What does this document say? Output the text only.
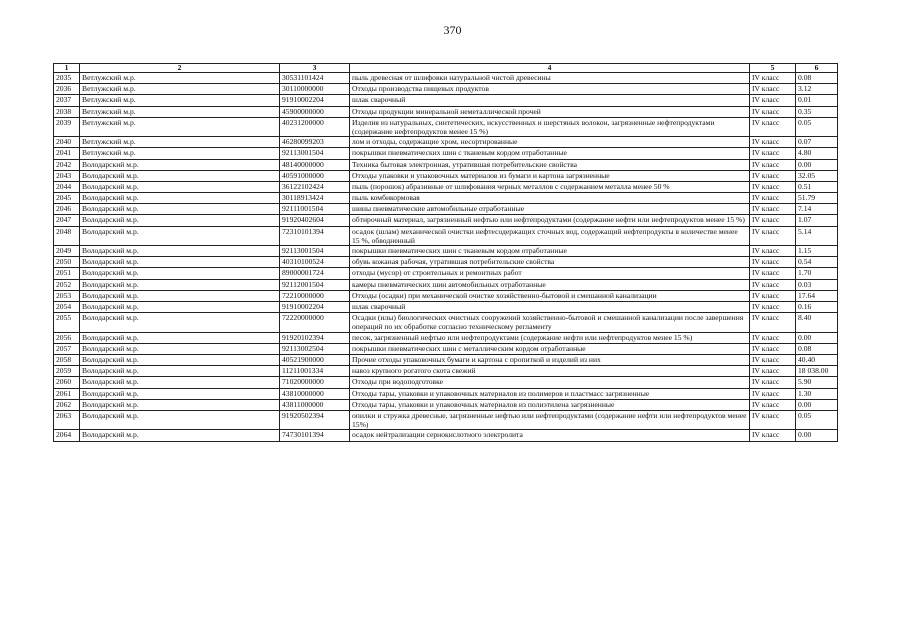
370
1	2	3	4	5	6
2035	Ветлужский м.р.	30531101424	пыль древесная от шлифовки натуральной чистой древесины	IV класс	0.08
2036	Ветлужский м.р.	30110000000	Отходы производства пищевых продуктов	IV класс	3.12
2037	Ветлужский м.р.	91910002204	шлак сварочный	IV класс	0.01
2038	Ветлужский м.р.	45900000000	Отходы продукции минеральной неметаллической прочей	IV класс	0.35
2039	Ветлужский м.р.	40231200000	Изделия из натуральных, синтетических, искусственных и шерстяных волокон, загрязненные нефтепродуктами (содержание нефтепродуктов менее 15 %)	IV класс	0.05
2040	Ветлужский м.р.	46280099203	лом и отходы, содержащие хром, несортированные	IV класс	0.07
2041	Ветлужский м.р.	92113001504	покрышки пневматических шин с тканевым кордом отработанные	IV класс	4.80
2042	Володарский м.р.	48140000000	Техника бытовая электронная, утратившая потребительские свойства	IV класс	0.00
2043	Володарский м.р.	40591000000	Отходы упаковки и упаковочных материалов из бумаги и картона загрязненные	IV класс	32.05
2044	Володарский м.р.	36122102424	пыль (порошок) абразивные от шлифования черных металлов с содержанием металла менее 50 %	IV класс	0.51
2045	Володарский м.р.	30118913424	пыль комбикормовая	IV класс	51.79
2046	Володарский м.р.	92111001504	шины пневматические автомобильные отработанные	IV класс	7.14
2047	Володарский м.р.	91920402604	обтирочный материал, загрязненный нефтью или нефтепродуктами (содержание нефти или нефтепродуктов менее 15 %)	IV класс	1.07
2048	Володарский м.р.	72310101394	осадок (шлам) механической очистки нефтесодержащих сточных вод, содержащий нефтепродукты в количестве менее 15 %, обводненный	IV класс	5.14
2049	Володарский м.р.	92113001504	покрышки пневматических шин с тканевым кордом отработанные	IV класс	1.15
2050	Володарский м.р.	40310100524	обувь кожаная рабочая, утратившая потребительские свойства	IV класс	0.54
2051	Володарский м.р.	89000001724	отходы (мусор) от строительных и ремонтных работ	IV класс	1.70
2052	Володарский м.р.	92112001504	камеры пневматических шин автомобильных отработанные	IV класс	0.03
2053	Володарский м.р.	72210000000	Отходы (осадки) при механической очистке хозяйственно-бытовой и смешанной канализации	IV класс	17.64
2054	Володарский м.р.	91910002204	шлак сварочный	IV класс	0.16
2055	Володарский м.р.	72220000000	Осадки (илы) биологических очистных сооружений хозяйственно-бытовой и смешанной канализации после завершения операций по их обработке согласно техническому регламенту	IV класс	8.40
2056	Володарский м.р.	91920102394	песок, загрязненный нефтью или нефтепродуктами (содержание нефти или нефтепродуктов менее 15 %)	IV класс	0.00
2057	Володарский м.р.	92113002504	покрышки пневматических шин с металлическим кордом отработанные	IV класс	0.08
2058	Володарский м.р.	40521900000	Прочие отходы упаковочных бумаги и картона с пропиткой и изделий из них	IV класс	40.40
2059	Володарский м.р.	11211001334	навоз крупного рогатого скота свежий	IV класс	18 038.00
2060	Володарский м.р.	71020000000	Отходы при водоподготовке	IV класс	5.90
2061	Володарский м.р.	43810000000	Отходы тары, упаковки и упаковочных материалов из полимеров и пластмасс загрязненные	IV класс	1.30
2062	Володарский м.р.	43811000000	Отходы тары, упаковки и упаковочных материалов из полиэтилена загрязненные	IV класс	0.00
2063	Володарский м.р.	91920502394	опилки и стружка древесные, загрязненные нефтью или нефтепродуктами (содержание нефти или нефтепродуктов менее 15%)	IV класс	0.05
2064	Володарский м.р.	74730101394	осадок нейтрализации сернокислотного электролита	IV класс	0.00
